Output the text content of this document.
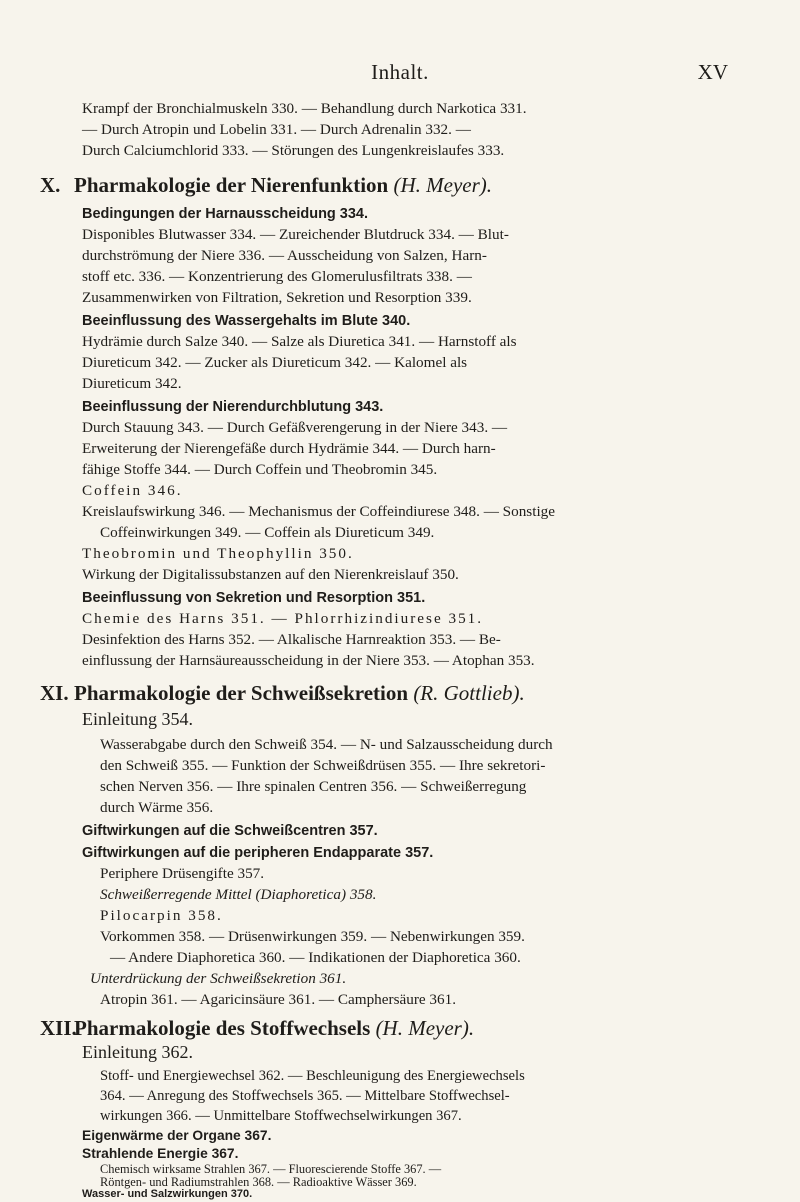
Inhalt.	XV
Krampf der Bronchialmuskeln 330. — Behandlung durch Narkotica 331.
— Durch Atropin und Lobelin 331. — Durch Adrenalin 332. —
Durch Calciumchlorid 333. — Störungen des Lungenkreislaufes 333.
X. Pharmakologie der Nierenfunktion (H. Meyer).
Bedingungen der Harnausscheidung 334.
Disponibles Blutwasser 334. — Zureichender Blutdruck 334. — Blut-
durchströmung der Niere 336. — Ausscheidung von Salzen, Harn-
stoff etc. 336. — Konzentrierung des Glomerulusfiltrats 338. —
Zusammenwirken von Filtration, Sekretion und Resorption 339.
Beeinflussung des Wassergehalts im Blute 340.
Hydrämie durch Salze 340. — Salze als Diuretica 341. — Harnstoff als
Diureticum 342. — Zucker als Diureticum 342. — Kalomel als
Diureticum 342.
Beeinflussung der Nierendurchblutung 343.
Durch Stauung 343. — Durch Gefäßverengerung in der Niere 343. —
Erweiterung der Nierengefäße durch Hydrämie 344. — Durch harn-
fähige Stoffe 344. — Durch Coffein und Theobromin 345.
Coffein 346.
Kreislaufswirkung 346. — Mechanismus der Coffeindiurese 348. — Sonstige
Coffeinwirkungen 349. — Coffein als Diureticum 349.
Theobromin und Theophyllin 350.
Wirkung der Digitalissubstanzen auf den Nierenkreislauf 350.
Beeinflussung von Sekretion und Resorption 351.
Chemie des Harns 351. — Phlorrhizindiurese 351.
Desinfektion des Harns 352. — Alkalische Harnreaktion 353. — Be-
einflussung der Harnsäureausscheidung in der Niere 353. — Atophan 353.
XI. Pharmakologie der Schweißsekretion (R. Gottlieb).
Einleitung 354.
Wasserabgabe durch den Schweiß 354. — N- und Salzausscheidung durch
den Schweiß 355. — Funktion der Schweißdrüsen 355. — Ihre sekretori-
schen Nerven 356. — Ihre spinalen Centren 356. — Schweißerregung
durch Wärme 356.
Giftwirkungen auf die Schweißcentren 357.
Giftwirkungen auf die peripheren Endapparate 357.
Periphere Drüsengifte 357.
Schweißerregende Mittel (Diaphoretica) 358.
Pilocarpin 358.
Vorkommen 358. — Drüsenwirkungen 359. — Nebenwirkungen 359.
— Andere Diaphoretica 360. — Indikationen der Diaphoretica 360.
Unterdrückung der Schweißsekretion 361.
Atropin 361. — Agaricinsäure 361. — Camphersäure 361.
XII.Pharmakologie des Stoffwechsels (H. Meyer).
Einleitung 362.
Stoff- und Energiewechsel 362. — Beschleunigung des Energiewechsels
364. — Anregung des Stoffwechsels 365. — Mittelbare Stoffwechsel-
wirkungen 366. — Unmittelbare Stoffwechselwirkungen 367.
Eigenwärme der Organe 367.
Strahlende Energie 367.
Chemisch wirksame Strahlen 367. — Fluorescierende Stoffe 367. —
Röntgen- und Radiumstrahlen 368. — Radioaktive Wässer 369.
Wasser- und Salzwirkungen 370.
